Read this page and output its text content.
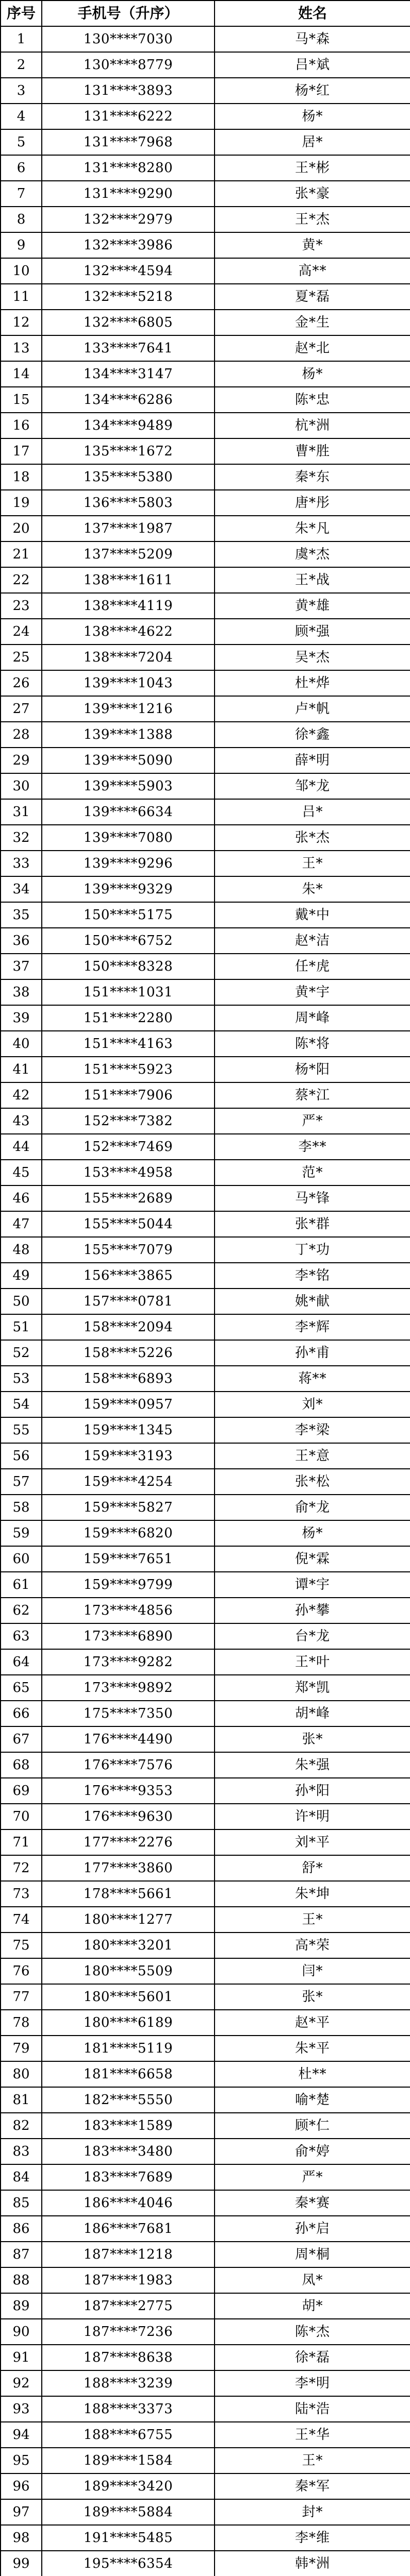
序号	手机号（升序）	姓名
1	130****7030	马*森
2	130****8779	吕*斌
3	131****3893	杨*红
4	131****6222	杨*
5	131****7968	居*
6	131****8280	王*彬
7	131****9290	张*豪
8	132****2979	王*杰
9	132****3986	黄*
10	132****4594	高**
11	132****5218	夏*磊
12	132****6805	金*生
13	133****7641	赵*北
14	134****3147	杨*
15	134****6286	陈*忠
16	134****9489	杭*洲
17	135****1672	曹*胜
18	135****5380	秦*东
19	136****5803	唐*彤
20	137****1987	朱*凡
21	137****5209	虞*杰
22	138****1611	王*战
23	138****4119	黄*雄
24	138****4622	顾*强
25	138****7204	吴*杰
26	139****1043	杜*烨
27	139****1216	卢*帆
28	139****1388	徐*鑫
29	139****5090	薛*明
30	139****5903	邹*龙
31	139****6634	吕*
32	139****7080	张*杰
33	139****9296	王*
34	139****9329	朱*
35	150****5175	戴*中
36	150****6752	赵*洁
37	150****8328	任*虎
38	151****1031	黄*宇
39	151****2280	周*峰
40	151****4163	陈*将
41	151****5923	杨*阳
42	151****7906	蔡*江
43	152****7382	严*
44	152****7469	李**
45	153****4958	范*
46	155****2689	马*锋
47	155****5044	张*群
48	155****7079	丁*功
49	156****3865	李*铭
50	157****0781	姚*献
51	158****2094	李*辉
52	158****5226	孙*甫
53	158****6893	蒋**
54	159****0957	刘*
55	159****1345	李*梁
56	159****3193	王*意
57	159****4254	张*松
58	159****5827	俞*龙
59	159****6820	杨*
60	159****7651	倪*霖
61	159****9799	谭*宇
62	173****4856	孙*攀
63	173****6890	台*龙
64	173****9282	王*叶
65	173****9892	郑*凯
66	175****7350	胡*峰
67	176****4490	张*
68	176****7576	朱*强
69	176****9353	孙*阳
70	176****9630	许*明
71	177****2276	刘*平
72	177****3860	舒*
73	178****5661	朱*坤
74	180****1277	王*
75	180****3201	高*荣
76	180****5509	闫*
77	180****5601	张*
78	180****6189	赵*平
79	181****5119	朱*平
80	181****6658	杜**
81	182****5550	喻*楚
82	183****1589	顾*仁
83	183****3480	俞*婷
84	183****7689	严*
85	186****4046	秦*赛
86	186****7681	孙*启
87	187****1218	周*桐
88	187****1983	凤*
89	187****2775	胡*
90	187****7236	陈*杰
91	187****8638	徐*磊
92	188****3239	李*明
93	188****3373	陆*浩
94	188****6755	王*华
95	189****1584	王*
96	189****3420	秦*军
97	189****5884	封*
98	191****5485	李*维
99	195****6354	韩*洲
